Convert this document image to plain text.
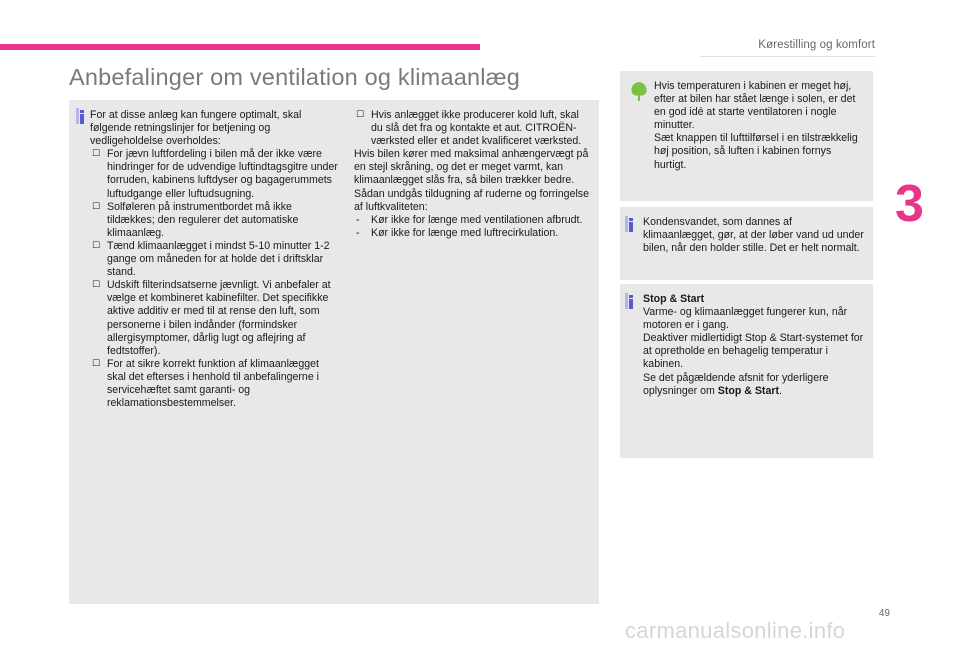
Kørestilling og komfort
Anbefalinger om ventilation og klimaanlæg
For at disse anlæg kan fungere optimalt, skal følgende retningslinjer for betjening og vedligeholdelse overholdes:
☐ For jævn luftfordeling i bilen må der ikke være hindringer for de udvendige luftindtagsgitre under forruden, kabinens luftdyser og bagagerummets luftudgange eller luftudsugning.
☐ Solføleren på instrumentbordet må ikke tildækkes; den regulerer det automatiske klimaanlæg.
☐ Tænd klimaanlægget i mindst 5-10 minutter 1-2 gange om måneden for at holde det i driftsklar stand.
☐ Udskift filterindsatserne jævnligt. Vi anbefaler at vælge et kombineret kabinefilter. Det specifikke aktive additiv er med til at rense den luft, som personerne i bilen indånder (formindsker allergisymptomer, dårlig lugt og aflejring af fedtstoffer).
☐ For at sikre korrekt funktion af klimaanlægget skal det efterses i henhold til anbefalingerne i servicehæftet samt garanti- og reklamationsbestemmelser.
☐ Hvis anlægget ikke producerer kold luft, skal du slå det fra og kontakte et aut. CITROËN-værksted eller et andet kvalificeret værksted.
Hvis bilen kører med maksimal anhængervægt på en stejl skråning, og det er meget varmt, kan klimaanlægget slås fra, så bilen trækker bedre.
Sådan undgås tildugning af ruderne og forringelse af luftkvaliteten:
- Kør ikke for længe med ventilationen afbrudt.
- Kør ikke for længe med luftrecirkulation.
Hvis temperaturen i kabinen er meget høj, efter at bilen har stået længe i solen, er det en god idé at starte ventilatoren i nogle minutter.
Sæt knappen til lufttilførsel i en tilstrækkelig høj position, så luften i kabinen fornys hurtigt.
Kondensvandet, som dannes af klimaanlægget, gør, at der løber vand ud under bilen, når den holder stille. Det er helt normalt.
Stop & Start
Varme- og klimaanlægget fungerer kun, når motoren er i gang.
Deaktiver midlertidigt Stop & Start-systemet for at opretholde en behagelig temperatur i kabinen.
Se det pågældende afsnit for yderligere oplysninger om Stop & Start.
3
49
carmanualsonline.info
